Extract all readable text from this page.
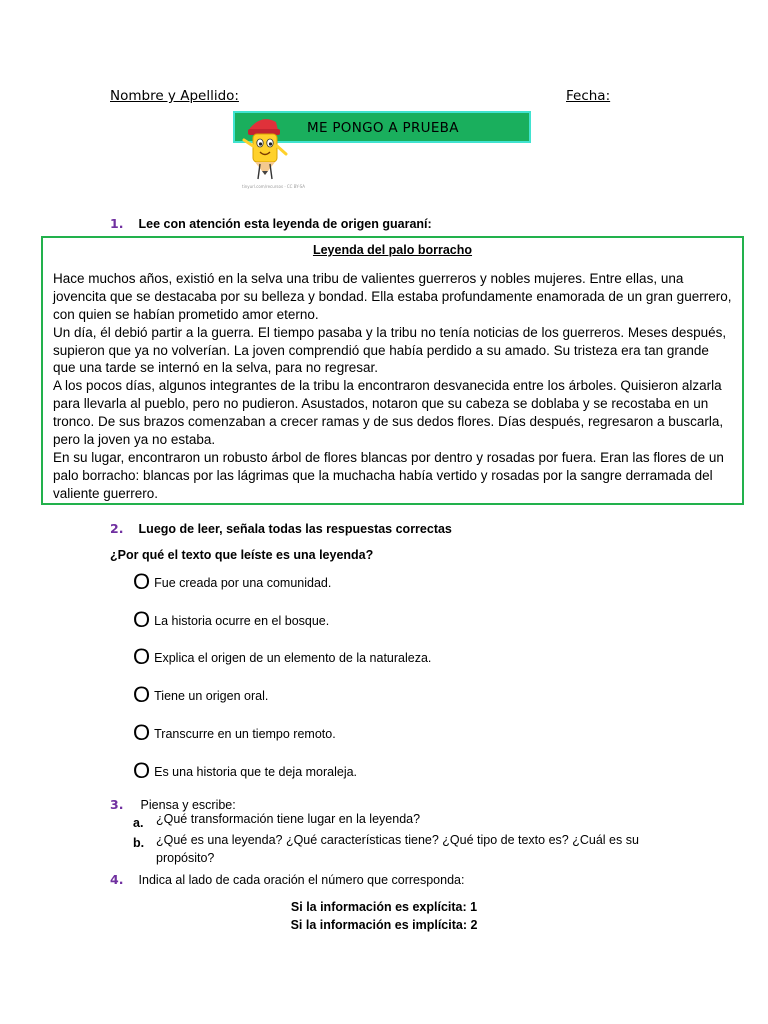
Nombre y Apellido:	Fecha:
ME PONGO A PRUEBA
tinyurl.com/recursos · CC BY-SA
1. Lee con atención esta leyenda de origen guaraní:
Leyenda del palo borracho

Hace muchos años, existió en la selva una tribu de valientes guerreros y nobles mujeres. Entre ellas, una jovencita que se destacaba por su belleza y bondad. Ella estaba profundamente enamorada de un gran guerrero, con quien se habían prometido amor eterno.

Un día, él debió partir a la guerra. El tiempo pasaba y la tribu no tenía noticias de los guerreros. Meses después, supieron que ya no volverían. La joven comprendió que había perdido a su amado. Su tristeza era tan grande que una tarde se internó en la selva, para no regresar.

A los pocos días, algunos integrantes de la tribu la encontraron desvanecida entre los árboles. Quisieron alzarla para llevarla al pueblo, pero no pudieron. Asustados, notaron que su cabeza se doblaba y se recostaba en un tronco. De sus brazos comenzaban a crecer ramas y de sus dedos flores. Días después, regresaron a buscarla, pero la joven ya no estaba.

En su lugar, encontraron un robusto árbol de flores blancas por dentro y rosadas por fuera. Eran las flores de un palo borracho: blancas por las lágrimas que la muchacha había vertido y rosadas por la sangre derramada del valiente guerrero.

2. Luego de leer, señala todas las respuestas correctas
¿Por qué el texto que leíste es una leyenda?
O Fue creada por una comunidad.
O La historia ocurre en el bosque.
O Explica el origen de un elemento de la naturaleza.
O Tiene un origen oral.
O Transcurre en un tiempo remoto.
O Es una historia que te deja moraleja.
3. Piensa y escribe:
a. ¿Qué transformación tiene lugar en la leyenda?
b. ¿Qué es una leyenda? ¿Qué características tiene? ¿Qué tipo de texto es? ¿Cuál es su propósito?
4. Indica al lado de cada oración el número que corresponda:
Si la información es explícita: 1
Si la información es implícita: 2
